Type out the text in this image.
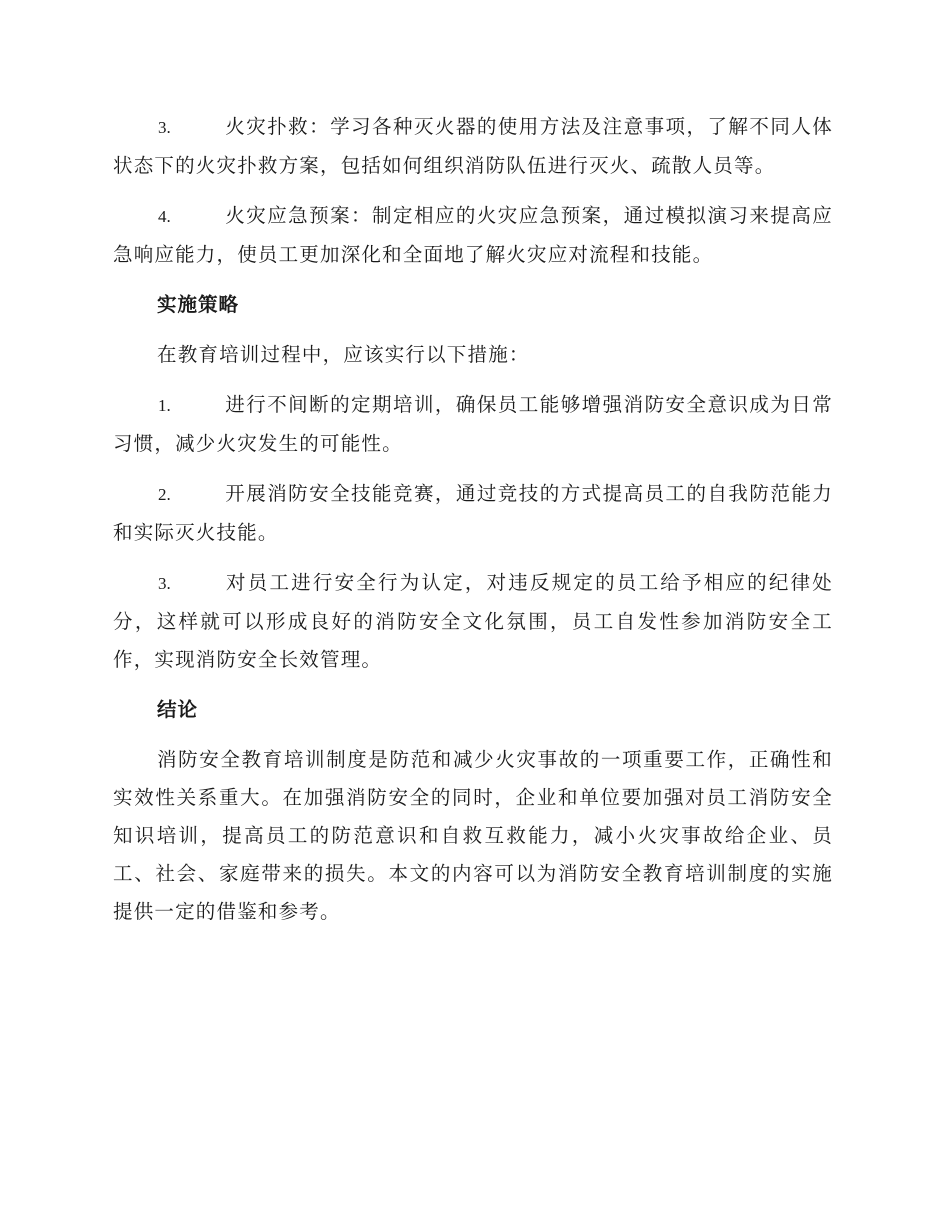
3.	火灾扑救：学习各种灭火器的使用方法及注意事项，了解不同人体状态下的火灾扑救方案，包括如何组织消防队伍进行灭火、疏散人员等。

4.	火灾应急预案：制定相应的火灾应急预案，通过模拟演习来提高应急响应能力，使员工更加深化和全面地了解火灾应对流程和技能。

实施策略

在教育培训过程中，应该实行以下措施：

1.	进行不间断的定期培训，确保员工能够增强消防安全意识成为日常习惯，减少火灾发生的可能性。

2.	开展消防安全技能竞赛，通过竞技的方式提高员工的自我防范能力和实际灭火技能。

3.	对员工进行安全行为认定，对违反规定的员工给予相应的纪律处分，这样就可以形成良好的消防安全文化氛围，员工自发性参加消防安全工作，实现消防安全长效管理。

结论

消防安全教育培训制度是防范和减少火灾事故的一项重要工作，正确性和实效性关系重大。在加强消防安全的同时，企业和单位要加强对员工消防安全知识培训，提高员工的防范意识和自救互救能力，减小火灾事故给企业、员工、社会、家庭带来的损失。本文的内容可以为消防安全教育培训制度的实施提供一定的借鉴和参考。
